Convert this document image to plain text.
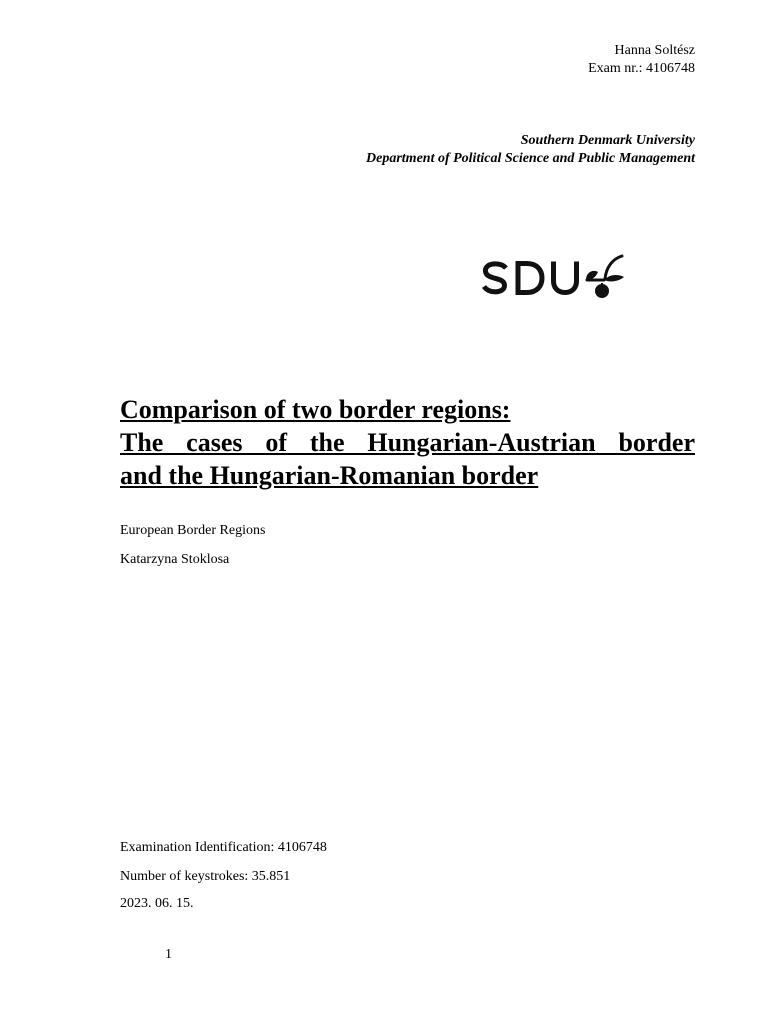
Hanna Soltész
Exam nr.: 4106748
Southern Denmark University
Department of Political Science and Public Management
Comparison of two border regions:
The cases of the Hungarian-Austrian border
and the Hungarian-Romanian border
European Border Regions
Katarzyna Stoklosa
Examination Identification: 4106748
Number of keystrokes: 35.851
2023. 06. 15.
1
